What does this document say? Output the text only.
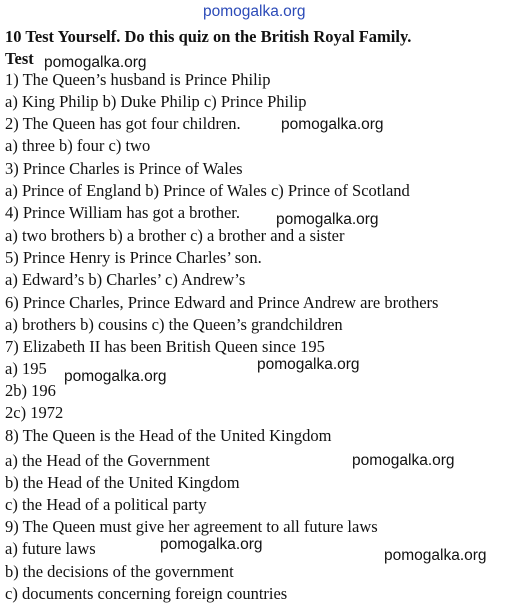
pomogalka.org
10 Test Yourself. Do this quiz on the British Royal Family.
Test
1) The Queen’s husband is Prince Philip
a) King Philip b) Duke Philip c) Prince Philip
2) The Queen has got four children.
a) three b) four c) two
3) Prince Charles is Prince of Wales
a) Prince of England b) Prince of Wales c) Prince of Scotland
4) Prince William has got a brother.
a) two brothers b) a brother c) a brother and a sister
5) Prince Henry is Prince Charles’ son.
a) Edward’s b) Charles’ c) Andrew’s
6) Prince Charles, Prince Edward and Prince Andrew are brothers
a) brothers b) cousins c) the Queen’s grandchildren
7) Elizabeth II has been British Queen since 195
a) 195
2b) 196
2c) 1972
8) The Queen is the Head of the United Kingdom
a) the Head of the Government
b) the Head of the United Kingdom
c) the Head of a political party
9) The Queen must give her agreement to all future laws
a) future laws
b) the decisions of the government
c) documents concerning foreign countries
pomogalka.org
pomogalka.org
pomogalka.org
pomogalka.org
pomogalka.org
pomogalka.org
pomogalka.org
pomogalka.org
